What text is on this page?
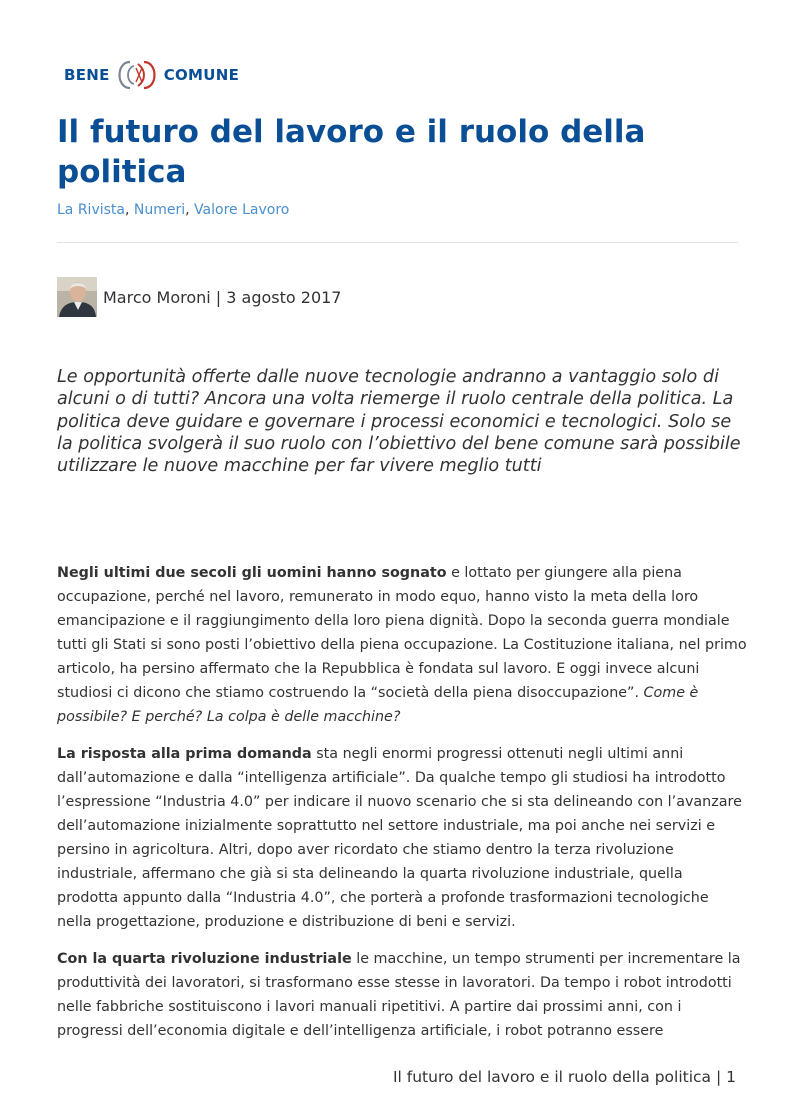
BENE	COMUNE
Il futuro del lavoro e il ruolo della politica
La Rivista, Numeri, Valore Lavoro
Marco Moroni | 3 agosto 2017

Le opportunità offerte dalle nuove tecnologie andranno a vantaggio solo di alcuni o di tutti? Ancora una volta riemerge il ruolo centrale della politica. La politica deve guidare e governare i processi economici e tecnologici. Solo se la politica svolgerà il suo ruolo con l’obiettivo del bene comune sarà possibile utilizzare le nuove macchine per far vivere meglio tutti

Negli ultimi due secoli gli uomini hanno sognato e lottato per giungere alla piena occupazione, perché nel lavoro, remunerato in modo equo, hanno visto la meta della loro emancipazione e il raggiungimento della loro piena dignità. Dopo la seconda guerra mondiale tutti gli Stati si sono posti l’obiettivo della piena occupazione. La Costituzione italiana, nel primo articolo, ha persino affermato che la Repubblica è fondata sul lavoro. E oggi invece alcuni studiosi ci dicono che stiamo costruendo la “società della piena disoccupazione”. Come è possibile? E perché? La colpa è delle macchine?

La risposta alla prima domanda sta negli enormi progressi ottenuti negli ultimi anni dall’automazione e dalla “intelligenza artificiale”. Da qualche tempo gli studiosi ha introdotto l’espressione “Industria 4.0” per indicare il nuovo scenario che si sta delineando con l’avanzare dell’automazione inizialmente soprattutto nel settore industriale, ma poi anche nei servizi e persino in agricoltura. Altri, dopo aver ricordato che stiamo dentro la terza rivoluzione industriale, affermano che già si sta delineando la quarta rivoluzione industriale, quella prodotta appunto dalla “Industria 4.0”, che porterà a profonde trasformazioni tecnologiche nella progettazione, produzione e distribuzione di beni e servizi.

Con la quarta rivoluzione industriale le macchine, un tempo strumenti per incrementare la produttività dei lavoratori, si trasformano esse stesse in lavoratori. Da tempo i robot introdotti nelle fabbriche sostituiscono i lavori manuali ripetitivi. A partire dai prossimi anni, con i progressi dell’economia digitale e dell’intelligenza artificiale, i robot potranno essere

Il futuro del lavoro e il ruolo della politica | 1
